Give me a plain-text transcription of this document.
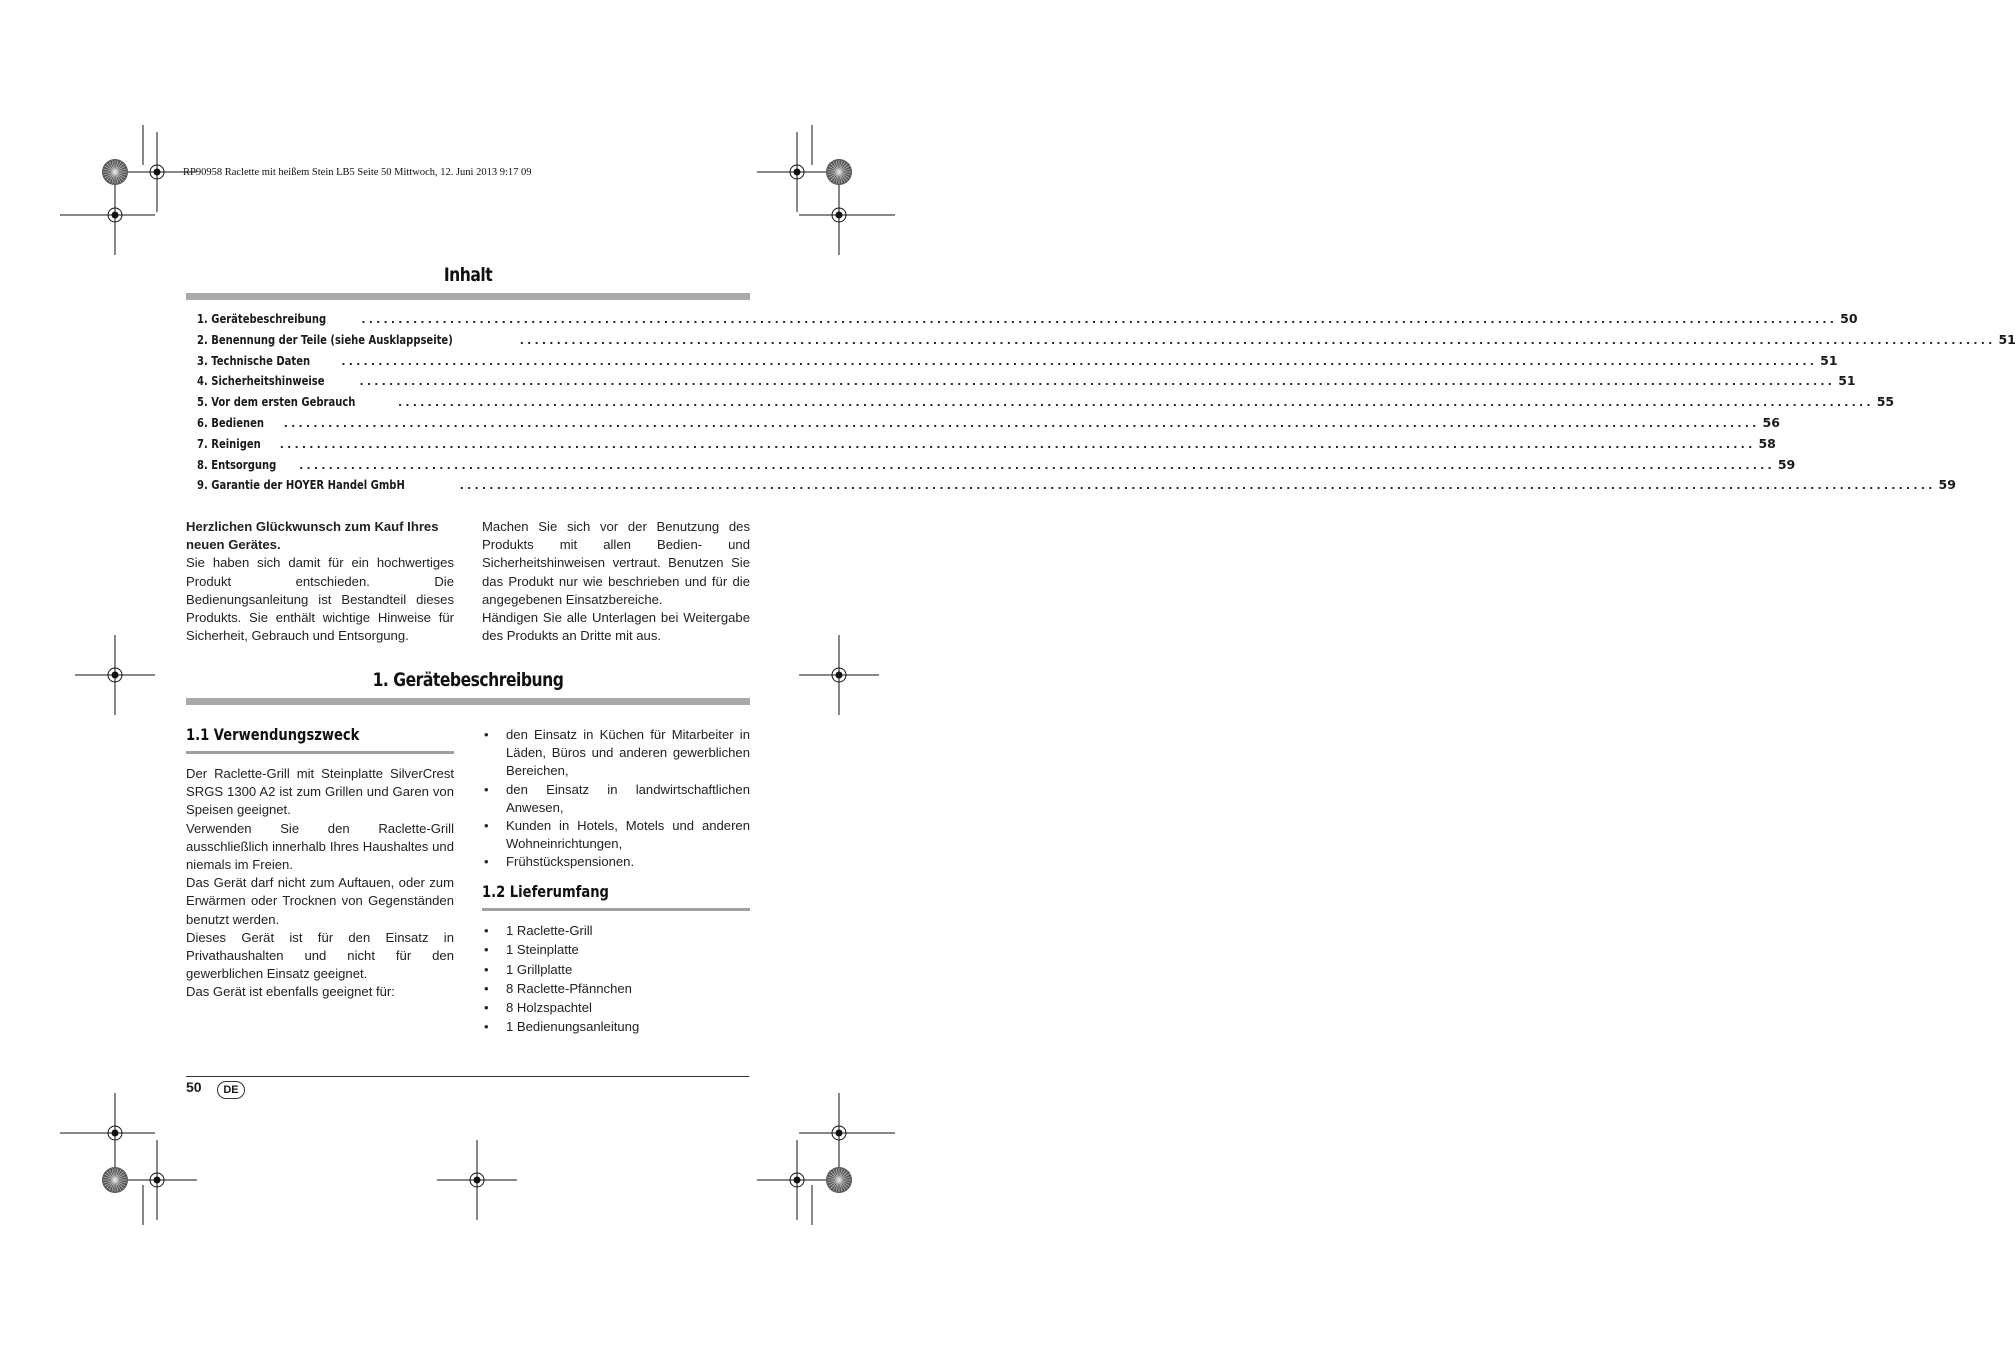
RP90958 Raclette mit heißem Stein LB5 Seite 50 Mittwoch, 12. Juni 2013 9:17 09
Inhalt
1. Gerätebeschreibung	........................................................................................................................................................................................................ 50
2. Benennung der Teile (siehe Ausklappseite)	........................................................................................................................................................................................................ 51
3. Technische Daten	........................................................................................................................................................................................................ 51
4. Sicherheitshinweise	........................................................................................................................................................................................................ 51
5. Vor dem ersten Gebrauch	........................................................................................................................................................................................................ 55
6. Bedienen ........................................................................................................................................................................................................ 56
7. Reinigen ........................................................................................................................................................................................................ 58
8. Entsorgung ........................................................................................................................................................................................................ 59
9. Garantie der HOYER Handel GmbH	........................................................................................................................................................................................................ 59

Herzlichen Glückwunsch zum Kauf Ihres neuen Gerätes.

Sie haben sich damit für ein hochwertiges Produkt entschieden. Die Bedienungsanleitung ist Bestandteil dieses Produkts. Sie enthält wichtige Hinweise für Sicherheit, Gebrauch und Entsorgung.

Machen Sie sich vor der Benutzung des Produkts mit allen Bedien- und Sicherheitshinweisen vertraut. Benutzen Sie das Produkt nur wie beschrieben und für die angegebenen Einsatzbereiche.

Händigen Sie alle Unterlagen bei Weitergabe des Produkts an Dritte mit aus.

1. Gerätebeschreibung
1.1 Verwendungszweck

Der Raclette-Grill mit Steinplatte SilverCrest SRGS 1300 A2 ist zum Grillen und Garen von Speisen geeignet.

Verwenden Sie den Raclette-Grill ausschließlich innerhalb Ihres Haushaltes und niemals im Freien.

Das Gerät darf nicht zum Auftauen, oder zum Erwärmen oder Trocknen von Gegenständen benutzt werden.

Dieses Gerät ist für den Einsatz in Privathaushalten und nicht für den gewerblichen Einsatz geeignet.

Das Gerät ist ebenfalls geeignet für:

• den Einsatz in Küchen für Mitarbeiter in Läden, Büros und anderen gewerblichen Bereichen,
• den Einsatz in landwirtschaftlichen Anwesen,
• Kunden in Hotels, Motels und anderen Wohneinrichtungen,
• Frühstückspensionen.
1.2 Lieferumfang
• 1 Raclette-Grill
• 1 Steinplatte
• 1 Grillplatte
• 8 Raclette-Pfännchen
• 8 Holzspachtel
• 1 Bedienungsanleitung
50	DE
